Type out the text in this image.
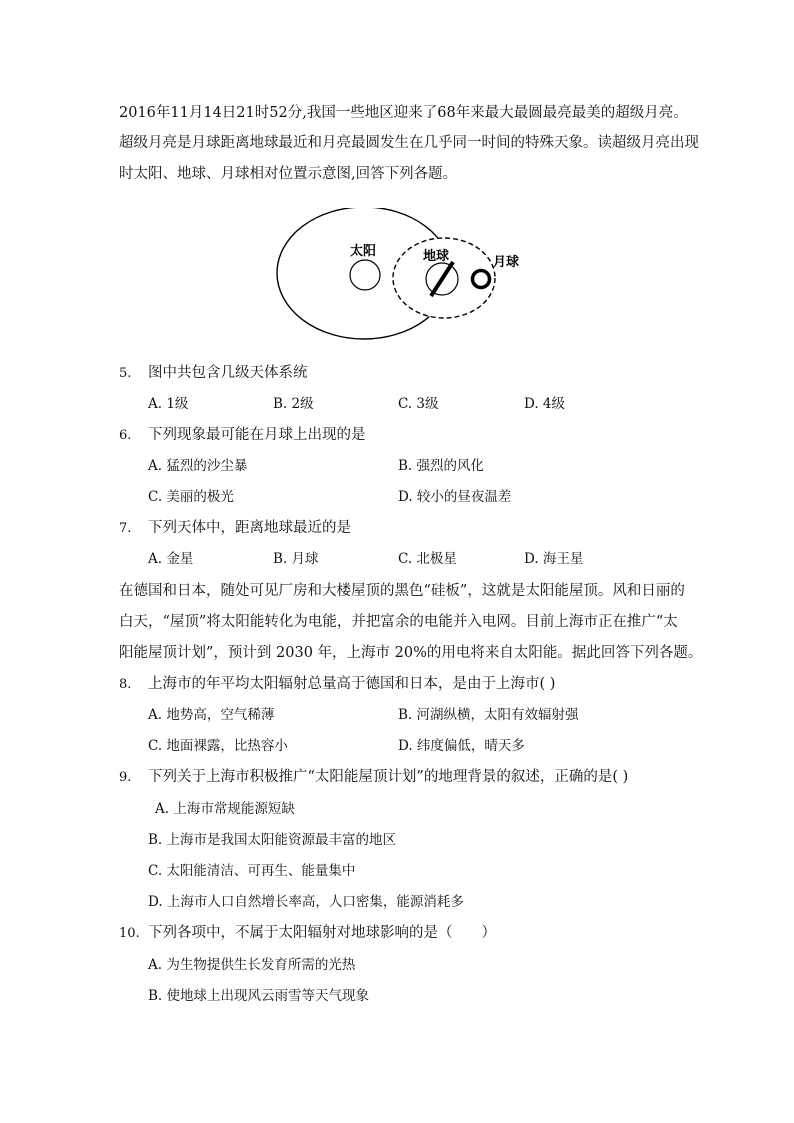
2016年11月14日21时52分,我国一些地区迎来了68年来最大最圆最亮最美的超级月亮。
超级月亮是月球距离地球最近和月亮最圆发生在几乎同一时间的特殊天象。读超级月亮出现
时太阳、地球、月球相对位置示意图,回答下列各题。
太阳	地球	月球
5. 图中共包含几级天体系统
A. 1级	B. 2级	C. 3级	D. 4级
6. 下列现象最可能在月球上出现的是
A. 猛烈的沙尘暴	B. 强烈的风化
C. 美丽的极光	D. 较小的昼夜温差
7. 下列天体中，距离地球最近的是
A. 金星	B. 月球	C. 北极星	D. 海王星
在德国和日本，随处可见厂房和大楼屋顶的黑色“硅板”，这就是太阳能屋顶。风和日丽的
白天，“屋顶”将太阳能转化为电能，并把富余的电能并入电网。目前上海市正在推广“太
阳能屋顶计划”，预计到 2030 年，上海市 20%的用电将来自太阳能。据此回答下列各题。
8. 上海市的年平均太阳辐射总量高于德国和日本，是由于上海市( )
A. 地势高，空气稀薄	B. 河湖纵横，太阳有效辐射强
C. 地面裸露，比热容小	D. 纬度偏低，晴天多
9. 下列关于上海市积极推广“太阳能屋顶计划”的地理背景的叙述，正确的是( )
A. 上海市常规能源短缺
B. 上海市是我国太阳能资源最丰富的地区
C. 太阳能清洁、可再生、能量集中
D. 上海市人口自然增长率高，人口密集，能源消耗多
10. 下列各项中，不属于太阳辐射对地球影响的是（　　）
A. 为生物提供生长发育所需的光热
B. 使地球上出现风云雨雪等天气现象
